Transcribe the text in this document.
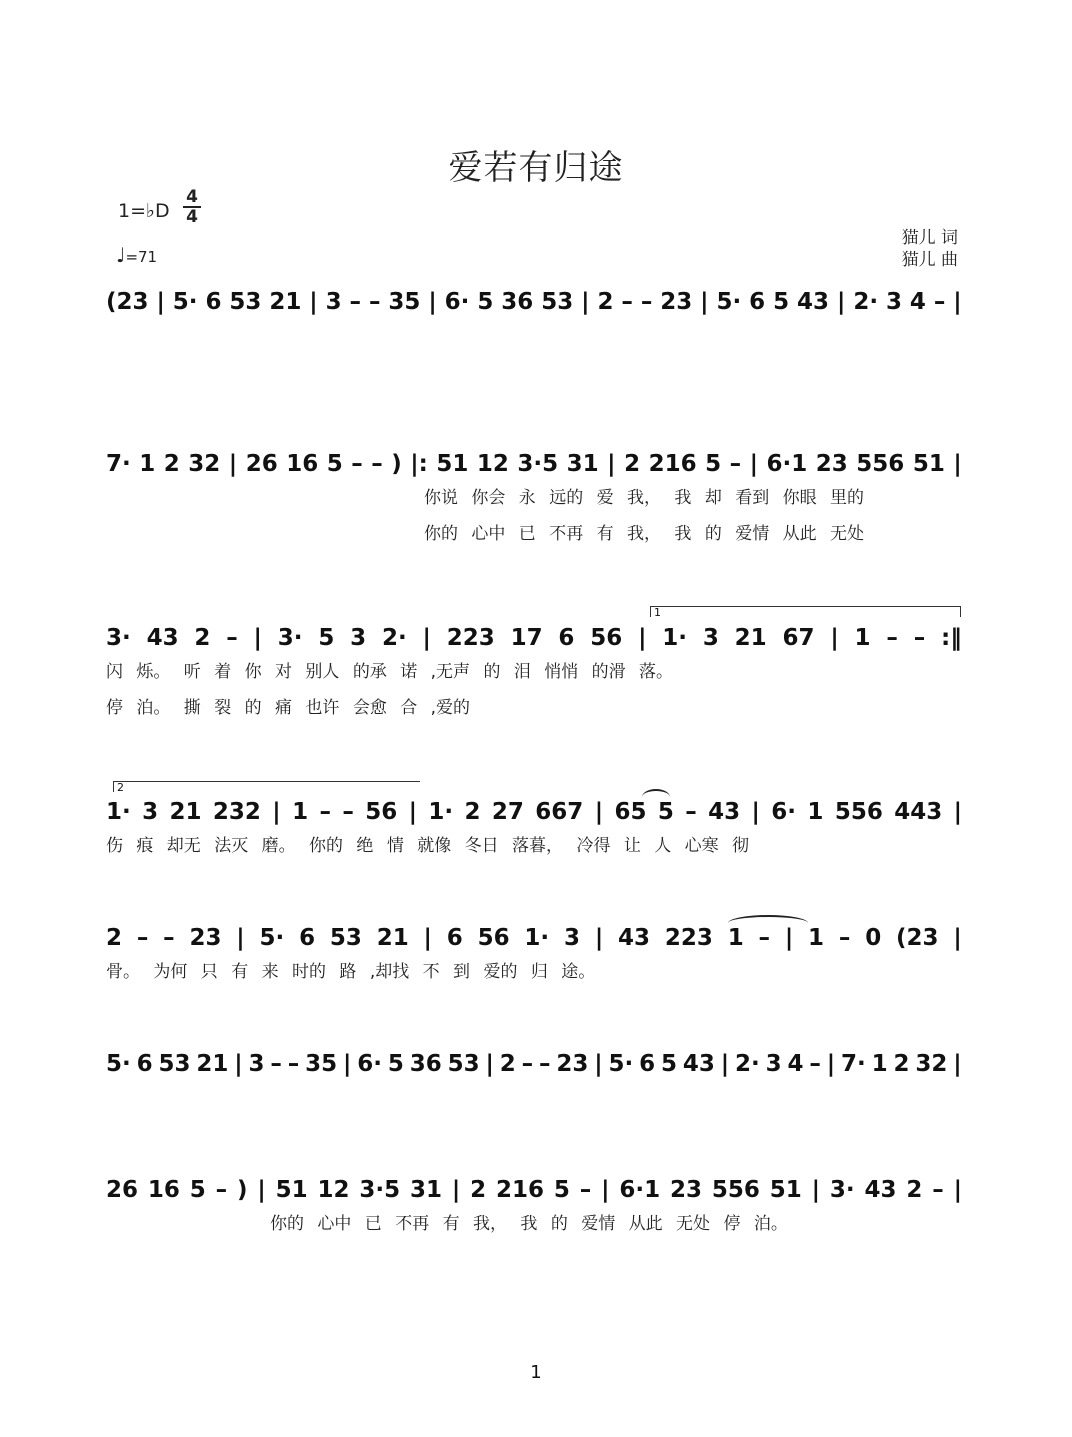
爱若有归途
1=♭D $\frac{4}{4}$
♩=71
猫儿 词
猫儿 曲
(23 | 5· 6 53 21 | 3 – – 35 | 6· 5 36 53 | 2 – – 23 | 5· 6 5 43 | 2· 3 4 – |
7· 1 2 32 | 26 16 5 – – ) |: 51 12 3·5 31 | 2 216 5 – | 6·1 23 556 51 |
你说 你会 永 远的 爱 我， 我 却 看到 你眼 里的
你的 心中 已 不再 有 我， 我 的 爱情 从此 无处
1
3· 43 2 – | 3· 5 3 2· | 223 17 6 56 | 1· 3 21 67 | 1 – – :‖
闪 烁。 听 着 你 对 别人 的承 诺 ,无声 的 泪 悄悄 的滑 落。
停 泊。 撕 裂 的 痛 也许 会愈 合 ,爱的
2
1· 3 21 232 | 1 – – 56 | 1· 2 27 667 | 65 5 – 43 | 6· 1 556 443 |
伤 痕 却无 法灭 磨。 你的 绝 情 就像 冬日 落暮， 冷得 让 人 心寒 彻
2 – – 23 | 5· 6 53 21 | 6 56 1· 3 | 43 223 1 – | 1 – 0 (23 |
骨。 为何 只 有 来 时的 路 ,却找 不 到 爱的 归 途。
5· 6 53 21 | 3 – – 35 | 6· 5 36 53 | 2 – – 23 | 5· 6 5 43 | 2· 3 4 – | 7· 1 2 32 |
26 16 5 – ) | 51 12 3·5 31 | 2 216 5 – | 6·1 23 556 51 | 3· 43 2 – |
你的 心中 已 不再 有 我， 我 的 爱情 从此 无处 停 泊。
1
